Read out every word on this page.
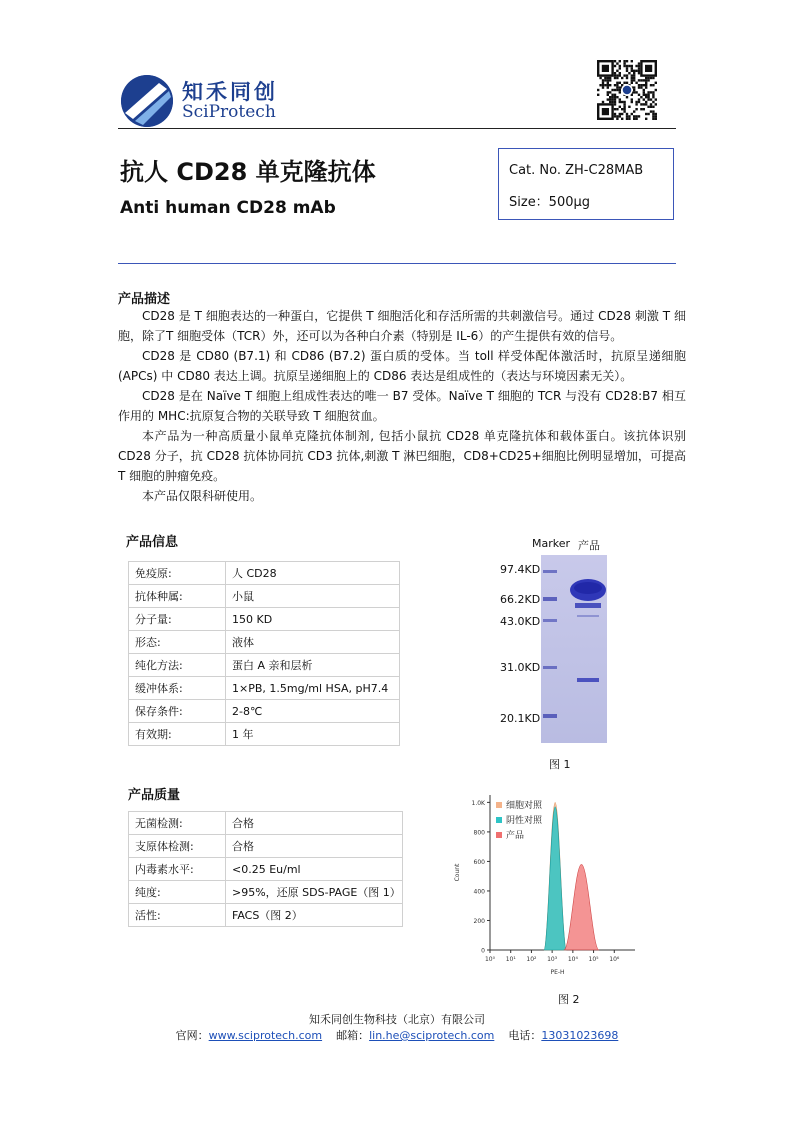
知禾同创
SciProtech
抗人 CD28 单克隆抗体
Anti human CD28 mAb
Cat. No. ZH-C28MAB
Size：500μg
产品描述

CD28 是 T 细胞表达的一种蛋白，它提供 T 细胞活化和存活所需的共刺激信号。通过 CD28 刺激 T 细胞，除了T 细胞受体（TCR）外，还可以为各种白介素（特别是 IL-6）的产生提供有效的信号。

CD28 是 CD80 (B7.1) 和 CD86 (B7.2) 蛋白质的受体。当 toll 样受体配体激活时，抗原呈递细胞 (APCs) 中 CD80 表达上调。抗原呈递细胞上的 CD86 表达是组成性的（表达与环境因素无关）。

CD28 是在 Naïve T 细胞上组成性表达的唯一 B7 受体。Naïve T 细胞的 TCR 与没有 CD28:B7 相互作用的 MHC:抗原复合物的关联导致 T 细胞贫血。

本产品为一种高质量小鼠单克隆抗体制剂, 包括小鼠抗 CD28 单克隆抗体和载体蛋白。该抗体识别 CD28 分子，抗 CD28 抗体协同抗 CD3 抗体,刺激 T 淋巴细胞，CD8+CD25+细胞比例明显增加，可提高 T 细胞的肿瘤免疫。

本产品仅限科研使用。

产品信息
免疫原:	人 CD28
抗体种属:	小鼠
分子量:	150 KD
形态:	液体
纯化方法:	蛋白 A 亲和层析
缓冲体系:	1×PB, 1.5mg/ml HSA, pH7.4
保存条件:	2-8℃
有效期:	1 年
产品质量
无菌检测:	合格
支原体检测:	合格
内毒素水平:	<0.25 Eu/ml
纯度:	>95%，还原 SDS-PAGE（图 1）
活性:	FACS（图 2）
Marker 产品
97.4KD
66.2KD
43.0KD
31.0KD
20.1KD
图 1
0
200
400
600
800
1.0K
10⁰ 10¹ 10² 10³ 10⁴ 10⁵ 10⁶
PE-H
Count
细胞对照
阴性对照
产品
图 2
知禾同创生物科技（北京）有限公司
官网：www.sciprotech.com 邮箱：lin.he@sciprotech.com 电话：13031023698
